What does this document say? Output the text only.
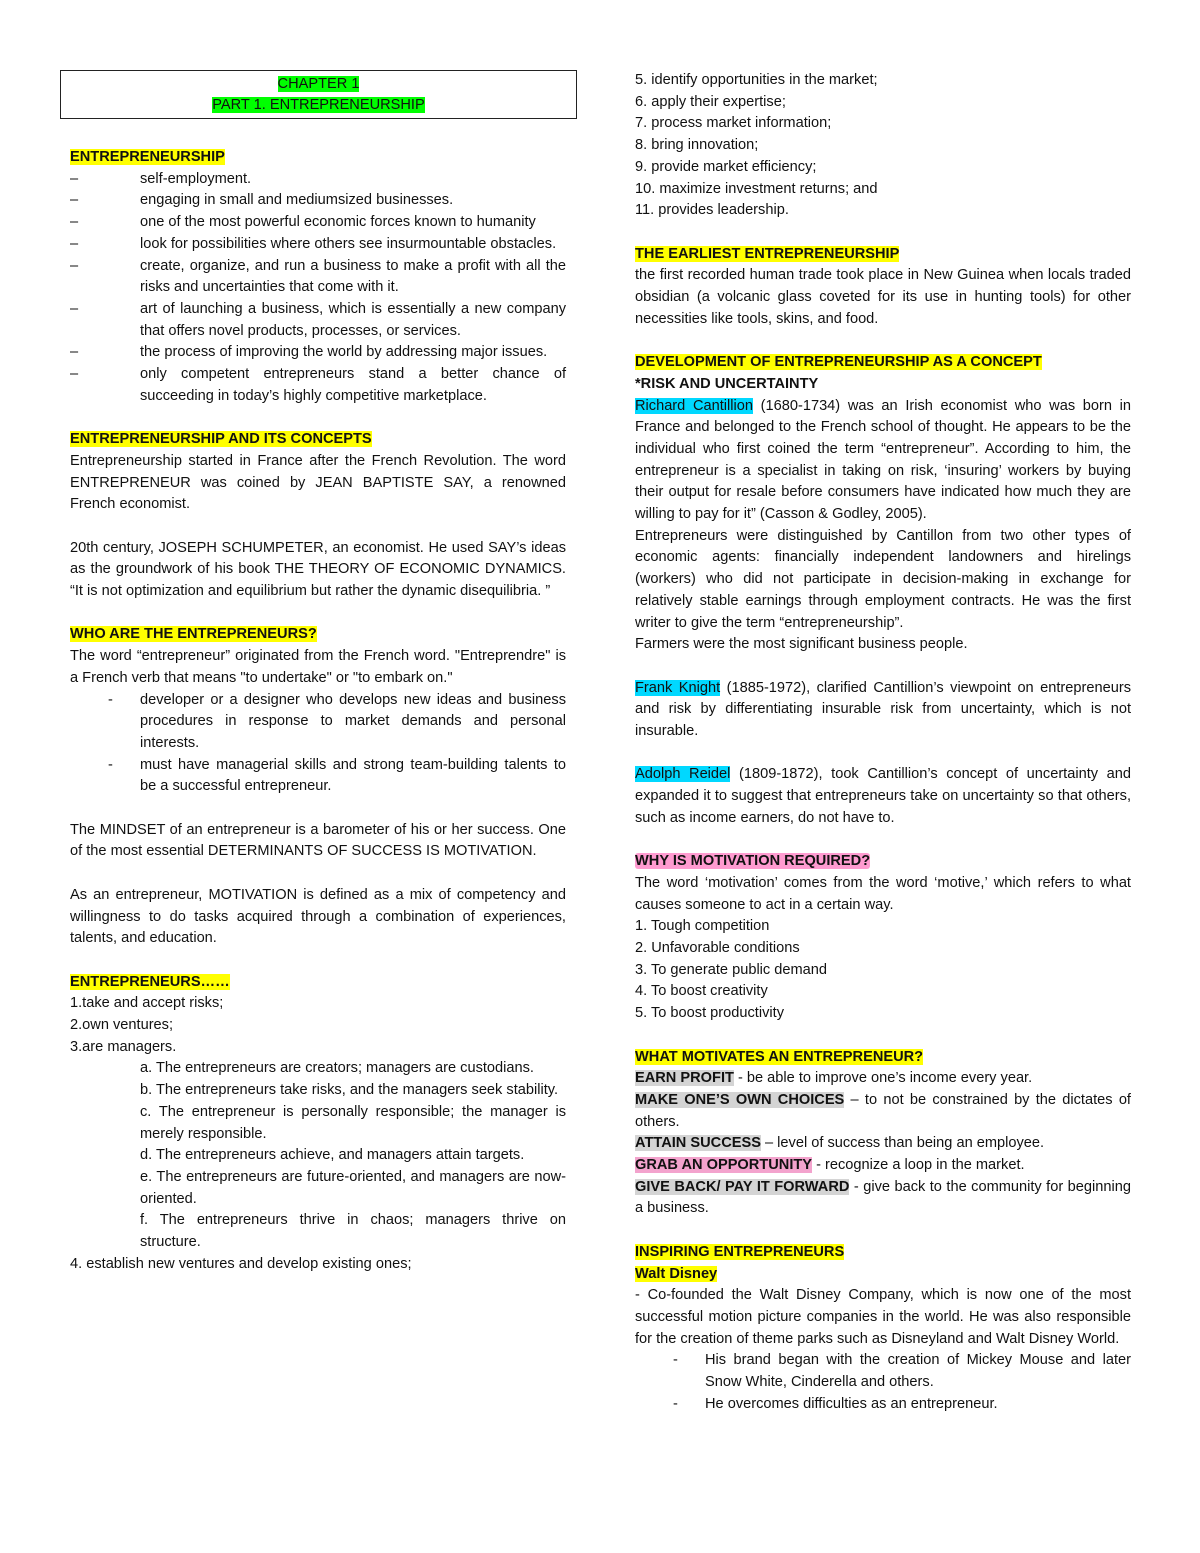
CHAPTER 1
PART 1. ENTREPRENEURSHIP
ENTREPRENEURSHIP
–	self-employment.
–	engaging in small and mediumsized businesses.
–	one of the most powerful economic forces known to humanity
–	look for possibilities where others see insurmountable obstacles.
–	create, organize, and run a business to make a profit with all the risks and uncertainties that come with it.
–	art of launching a business, which is essentially a new company that offers novel products, processes, or services.
–	the process of improving the world by addressing major issues.
–	only competent entrepreneurs stand a better chance of succeeding in today’s highly competitive marketplace.
ENTREPRENEURSHIP AND ITS CONCEPTS

Entrepreneurship started in France after the French Revolution. The word ENTREPRENEUR was coined by JEAN BAPTISTE SAY, a renowned French economist.

20th century, JOSEPH SCHUMPETER, an economist. He used SAY’s ideas as the groundwork of his book THE THEORY OF ECONOMIC DYNAMICS. “It is not optimization and equilibrium but rather the dynamic disequilibria. ”

WHO ARE THE ENTREPRENEURS?

The word “entrepreneur” originated from the French word. "Entreprendre" is a French verb that means "to undertake" or "to embark on."

- developer or a designer who develops new ideas and business procedures in response to market demands and personal interests.
- must have managerial skills and strong team-building talents to be a successful entrepreneur.

The MINDSET of an entrepreneur is a barometer of his or her success. One of the most essential DETERMINANTS OF SUCCESS IS MOTIVATION.

As an entrepreneur, MOTIVATION is defined as a mix of competency and willingness to do tasks acquired through a combination of experiences, talents, and education.

ENTREPRENEURS……
1.take and accept risks;
2.own ventures;
3.are managers.
a. The entrepreneurs are creators; managers are custodians.
b. The entrepreneurs take risks, and the managers seek stability.
c. The entrepreneur is personally responsible; the manager is merely responsible.
d. The entrepreneurs achieve, and managers attain targets.
e. The entrepreneurs are future-oriented, and managers are now-oriented.
f. The entrepreneurs thrive in chaos; managers thrive on structure.
4. establish new ventures and develop existing ones;
5. identify opportunities in the market;
6. apply their expertise;
7. process market information;
8. bring innovation;
9. provide market efficiency;
10. maximize investment returns; and
11. provides leadership.
THE EARLIEST ENTREPRENEURSHIP

the first recorded human trade took place in New Guinea when locals traded obsidian (a volcanic glass coveted for its use in hunting tools) for other necessities like tools, skins, and food.

DEVELOPMENT OF ENTREPRENEURSHIP AS A CONCEPT
*RISK AND UNCERTAINTY

Richard Cantillion (1680-1734) was an Irish economist who was born in France and belonged to the French school of thought. He appears to be the individual who first coined the term “entrepreneur”. According to him, the entrepreneur is a specialist in taking on risk, ‘insuring’ workers by buying their output for resale before consumers have indicated how much they are willing to pay for it” (Casson & Godley, 2005).

Entrepreneurs were distinguished by Cantillon from two other types of economic agents: financially independent landowners and hirelings (workers) who did not participate in decision-making in exchange for relatively stable earnings through employment contracts. He was the first writer to give the term “entrepreneurship”.

Farmers were the most significant business people.

Frank Knight (1885-1972), clarified Cantillion’s viewpoint on entrepreneurs and risk by differentiating insurable risk from uncertainty, which is not insurable.

Adolph Reidel (1809-1872), took Cantillion’s concept of uncertainty and expanded it to suggest that entrepreneurs take on uncertainty so that others, such as income earners, do not have to.

WHY IS MOTIVATION REQUIRED?

The word ‘motivation’ comes from the word ‘motive,’ which refers to what causes someone to act in a certain way.

1. Tough competition
2. Unfavorable conditions
3. To generate public demand
4. To boost creativity
5. To boost productivity
WHAT MOTIVATES AN ENTREPRENEUR?

EARN PROFIT - be able to improve one’s income every year.

MAKE ONE’S OWN CHOICES – to not be constrained by the dictates of others.

ATTAIN SUCCESS – level of success than being an employee.

GRAB AN OPPORTUNITY - recognize a loop in the market.

GIVE BACK/ PAY IT FORWARD - give back to the community for beginning a business.

INSPIRING ENTREPRENEURS
Walt Disney

- Co-founded the Walt Disney Company, which is now one of the most successful motion picture companies in the world. He was also responsible for the creation of theme parks such as Disneyland and Walt Disney World.

- His brand began with the creation of Mickey Mouse and later Snow White, Cinderella and others.
- He overcomes difficulties as an entrepreneur.
